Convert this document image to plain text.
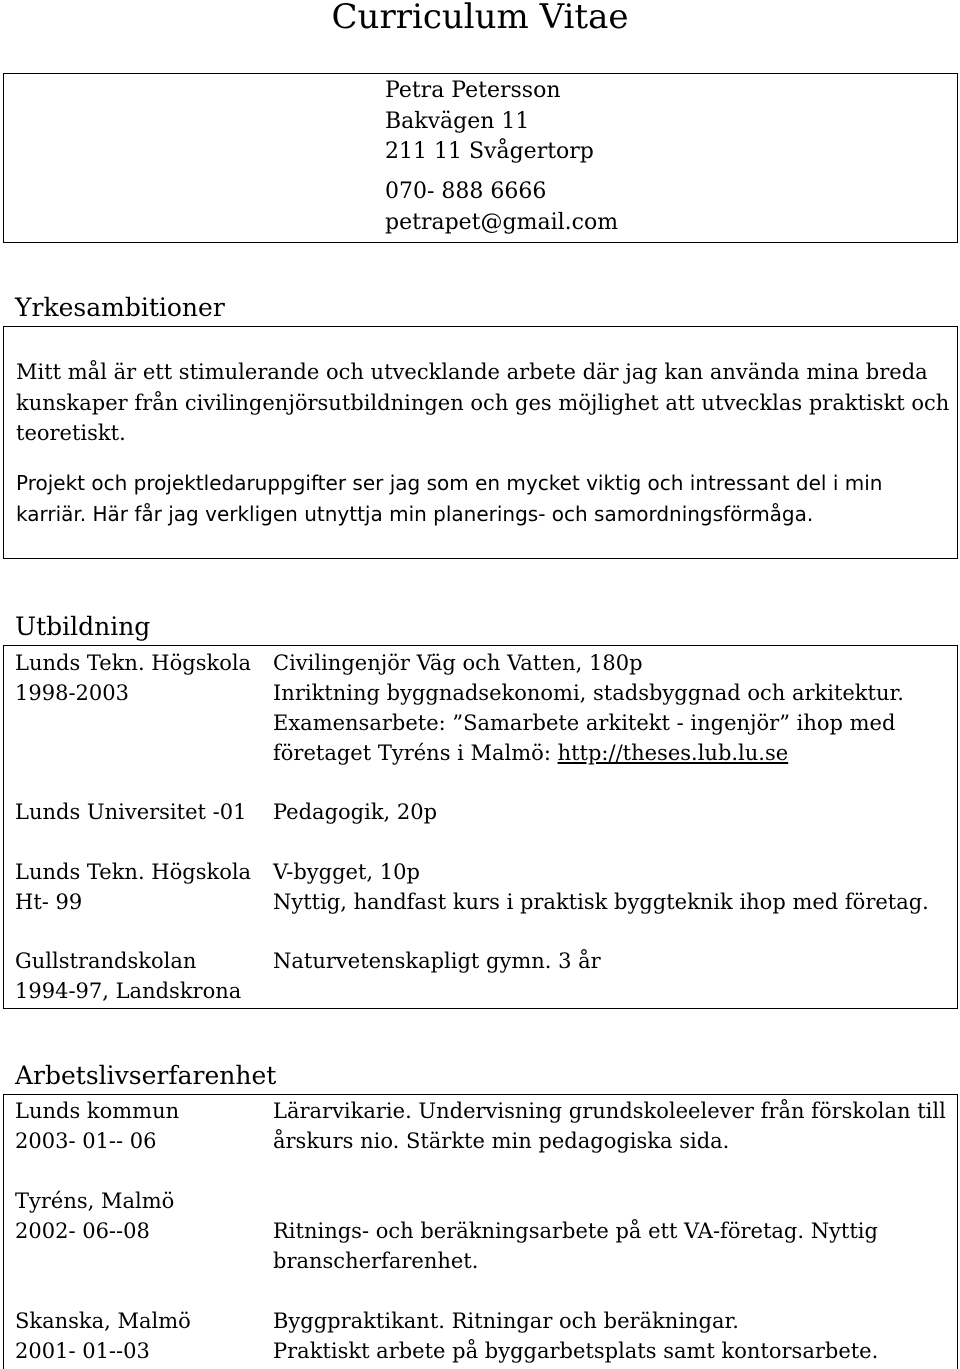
Curriculum Vitae
Petra Petersson
Bakvägen 11
211 11 Svågertorp
070- 888 6666
petrapet@gmail.com
Yrkesambitioner
Mitt mål är ett stimulerande och utvecklande arbete där jag kan använda mina breda
kunskaper från civilingenjörsutbildningen och ges möjlighet att utvecklas praktiskt och
teoretiskt.
Projekt och projektledaruppgifter ser jag som en mycket viktig och intressant del i min
karriär. Här får jag verkligen utnyttja min planerings- och samordningsförmåga.
Utbildning
Lunds Tekn. Högskola
1998-2003
Civilingenjör Väg och Vatten, 180p
Inriktning byggnadsekonomi, stadsbyggnad och arkitektur.
Examensarbete: ”Samarbete arkitekt - ingenjör” ihop med
företaget Tyréns i Malmö: http://theses.lub.lu.se
Lunds Universitet -01 Pedagogik, 20p
Lunds Tekn. Högskola
Ht- 99
V-bygget, 10p
Nyttig, handfast kurs i praktisk byggteknik ihop med företag.
Gullstrandskolan
1994-97, Landskrona
Naturvetenskapligt gymn. 3 år
Arbetslivserfarenhet
Lunds kommun
2003- 01-- 06
Lärarvikarie. Undervisning grundskoleelever från förskolan till
årskurs nio. Stärkte min pedagogiska sida.
Tyréns, Malmö
2002- 06--08	Ritnings- och beräkningsarbete på ett VA-företag. Nyttig
branscherfarenhet.
Skanska, Malmö
2001- 01--03
Byggpraktikant. Ritningar och beräkningar.
Praktiskt arbete på byggarbetsplats samt kontorsarbete.
